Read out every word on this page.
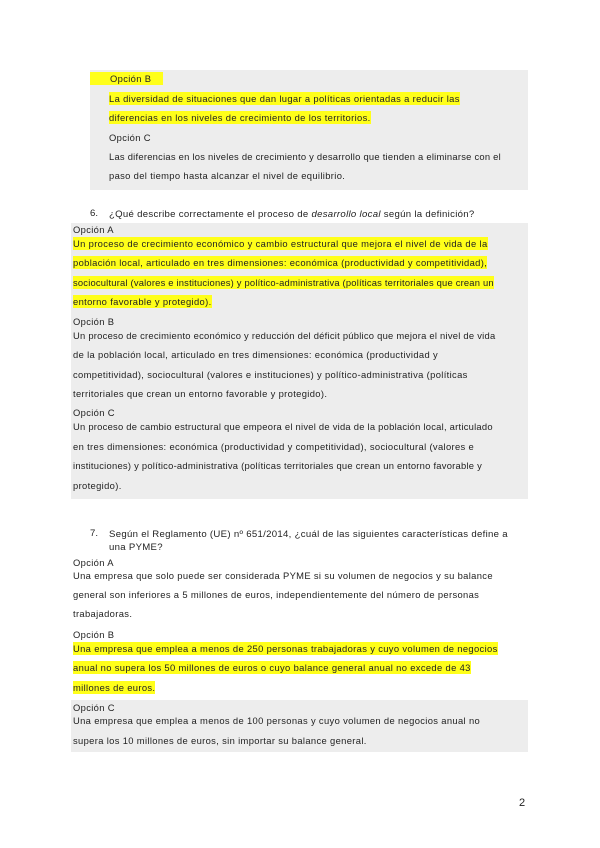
Opción B
La diversidad de situaciones que dan lugar a políticas orientadas a reducir las
diferencias en los niveles de crecimiento de los territorios.
Opción C
Las diferencias en los niveles de crecimiento y desarrollo que tienden a eliminarse con el
paso del tiempo hasta alcanzar el nivel de equilibrio.
6. ¿Qué describe correctamente el proceso de desarrollo local según la definición?
Opción A
Un proceso de crecimiento económico y cambio estructural que mejora el nivel de vida de la
población local, articulado en tres dimensiones: económica (productividad y competitividad),
sociocultural (valores e instituciones) y político-administrativa (políticas territoriales que crean un
entorno favorable y protegido).
Opción B
Un proceso de crecimiento económico y reducción del déficit público que mejora el nivel de vida
de la población local, articulado en tres dimensiones: económica (productividad y
competitividad), sociocultural (valores e instituciones) y político-administrativa (políticas
territoriales que crean un entorno favorable y protegido).
Opción C
Un proceso de cambio estructural que empeora el nivel de vida de la población local, articulado
en tres dimensiones: económica (productividad y competitividad), sociocultural (valores e
instituciones) y político-administrativa (políticas territoriales que crean un entorno favorable y
protegido).
7. Según el Reglamento (UE) nº 651/2014, ¿cuál de las siguientes características define a
una PYME?
Opción A
Una empresa que solo puede ser considerada PYME si su volumen de negocios y su balance
general son inferiores a 5 millones de euros, independientemente del número de personas
trabajadoras.
Opción B
Una empresa que emplea a menos de 250 personas trabajadoras y cuyo volumen de negocios
anual no supera los 50 millones de euros o cuyo balance general anual no excede de 43
millones de euros.
Opción C
Una empresa que emplea a menos de 100 personas y cuyo volumen de negocios anual no
supera los 10 millones de euros, sin importar su balance general.
2
